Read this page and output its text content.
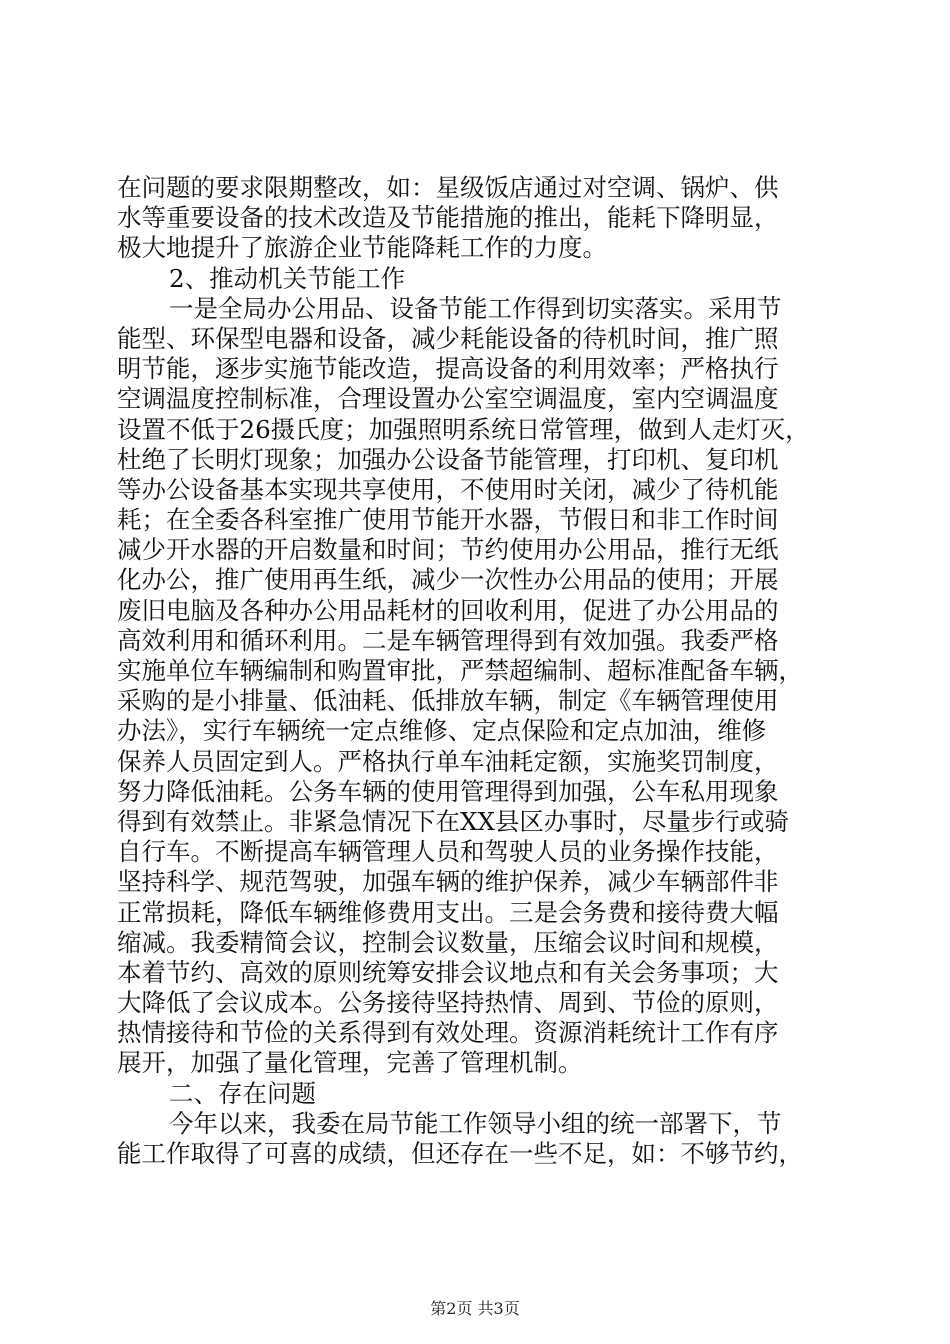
在问题的要求限期整改，如：星级饭店通过对空调、锅炉、供
水等重要设备的技术改造及节能措施的推出，能耗下降明显，
极大地提升了旅游企业节能降耗工作的力度。
2、推动机关节能工作
一是全局办公用品、设备节能工作得到切实落实。采用节
能型、环保型电器和设备，减少耗能设备的待机时间，推广照
明节能，逐步实施节能改造，提高设备的利用效率；严格执行
空调温度控制标准，合理设置办公室空调温度，室内空调温度
设置不低于26摄氏度；加强照明系统日常管理，做到人走灯灭，
杜绝了长明灯现象；加强办公设备节能管理，打印机、复印机
等办公设备基本实现共享使用，不使用时关闭，减少了待机能
耗；在全委各科室推广使用节能开水器，节假日和非工作时间
减少开水器的开启数量和时间；节约使用办公用品，推行无纸
化办公，推广使用再生纸，减少一次性办公用品的使用；开展
废旧电脑及各种办公用品耗材的回收利用，促进了办公用品的
高效利用和循环利用。二是车辆管理得到有效加强。我委严格
实施单位车辆编制和购置审批，严禁超编制、超标准配备车辆，
采购的是小排量、低油耗、低排放车辆，制定《车辆管理使用
办法》，实行车辆统一定点维修、定点保险和定点加油，维修
保养人员固定到人。严格执行单车油耗定额，实施奖罚制度，
努力降低油耗。公务车辆的使用管理得到加强，公车私用现象
得到有效禁止。非紧急情况下在XX县区办事时，尽量步行或骑
自行车。不断提高车辆管理人员和驾驶人员的业务操作技能，
坚持科学、规范驾驶，加强车辆的维护保养，减少车辆部件非
正常损耗，降低车辆维修费用支出。三是会务费和接待费大幅
缩减。我委精简会议，控制会议数量，压缩会议时间和规模，
本着节约、高效的原则统筹安排会议地点和有关会务事项；大
大降低了会议成本。公务接待坚持热情、周到、节俭的原则，
热情接待和节俭的关系得到有效处理。资源消耗统计工作有序
展开，加强了量化管理，完善了管理机制。
二、存在问题
今年以来，我委在局节能工作领导小组的统一部署下，节
能工作取得了可喜的成绩，但还存在一些不足，如：不够节约，
第2页 共3页
